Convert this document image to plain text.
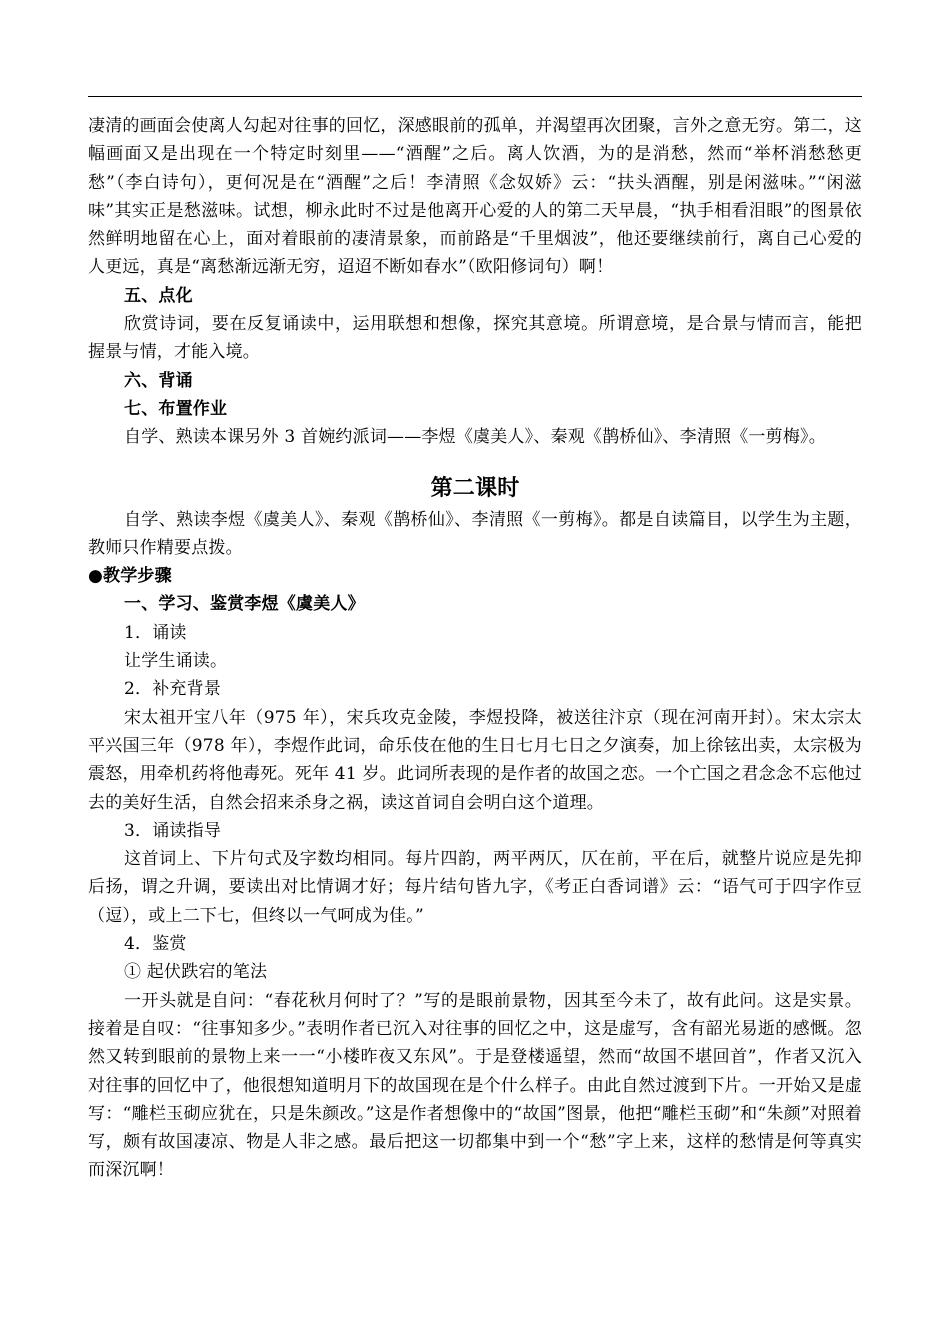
凄清的画面会使离人勾起对往事的回忆，深感眼前的孤单，并渴望再次团聚，言外之意无穷。第二，这幅画面又是出现在一个特定时刻里——“酒醒”之后。离人饮酒，为的是消愁，然而“举杯消愁愁更愁”（李白诗句），更何况是在“酒醒”之后！李清照《念奴娇》云：“扶头酒醒，别是闲滋味。”“闲滋味”其实正是愁滋味。试想，柳永此时不过是他离开心爱的人的第二天早晨，“执手相看泪眼”的图景依然鲜明地留在心上，面对着眼前的凄清景象，而前路是“千里烟波”，他还要继续前行，离自己心爱的人更远，真是“离愁渐远渐无穷，迢迢不断如春水”（欧阳修词句）啊！

五、点化

欣赏诗词，要在反复诵读中，运用联想和想像，探究其意境。所谓意境，是合景与情而言，能把握景与情，才能入境。

六、背诵

七、布置作业

自学、熟读本课另外 3 首婉约派词——李煜《虞美人》、秦观《鹊桥仙》、李清照《一剪梅》。

第二课时

自学、熟读李煜《虞美人》、秦观《鹊桥仙》、李清照《一剪梅》。都是自读篇目，以学生为主题，教师只作精要点拨。

●教学步骤

一、学习、鉴赏李煜《虞美人》

1．诵读

让学生诵读。

2．补充背景

宋太祖开宝八年（975 年），宋兵攻克金陵，李煜投降，被送往汴京（现在河南开封）。宋太宗太平兴国三年（978 年），李煜作此词，命乐伎在他的生日七月七日之夕演奏，加上徐铉出卖，太宗极为震怒，用牵机药将他毒死。死年 41 岁。此词所表现的是作者的故国之恋。一个亡国之君念念不忘他过去的美好生活，自然会招来杀身之祸，读这首词自会明白这个道理。

3．诵读指导

这首词上、下片句式及字数均相同。每片四韵，两平两仄，仄在前，平在后，就整片说应是先抑后扬，谓之升调，要读出对比情调才好；每片结句皆九字，《考正白香词谱》云：“语气可于四字作豆（逗），或上二下七，但终以一气呵成为佳。”

4．鉴赏

① 起伏跌宕的笔法

一开头就是自问：“春花秋月何时了？”写的是眼前景物，因其至今未了，故有此问。这是实景。接着是自叹：“往事知多少。”表明作者已沉入对往事的回忆之中，这是虚写，含有韶光易逝的感慨。忽然又转到眼前的景物上来一一“小楼昨夜又东风”。于是登楼遥望，然而“故国不堪回首”，作者又沉入对往事的回忆中了，他很想知道明月下的故国现在是个什么样子。由此自然过渡到下片。一开始又是虚写：“雕栏玉砌应犹在，只是朱颜改。”这是作者想像中的“故国”图景，他把“雕栏玉砌”和“朱颜”对照着写，颇有故国凄凉、物是人非之感。最后把这一切都集中到一个“愁”字上来，这样的愁情是何等真实而深沉啊！
